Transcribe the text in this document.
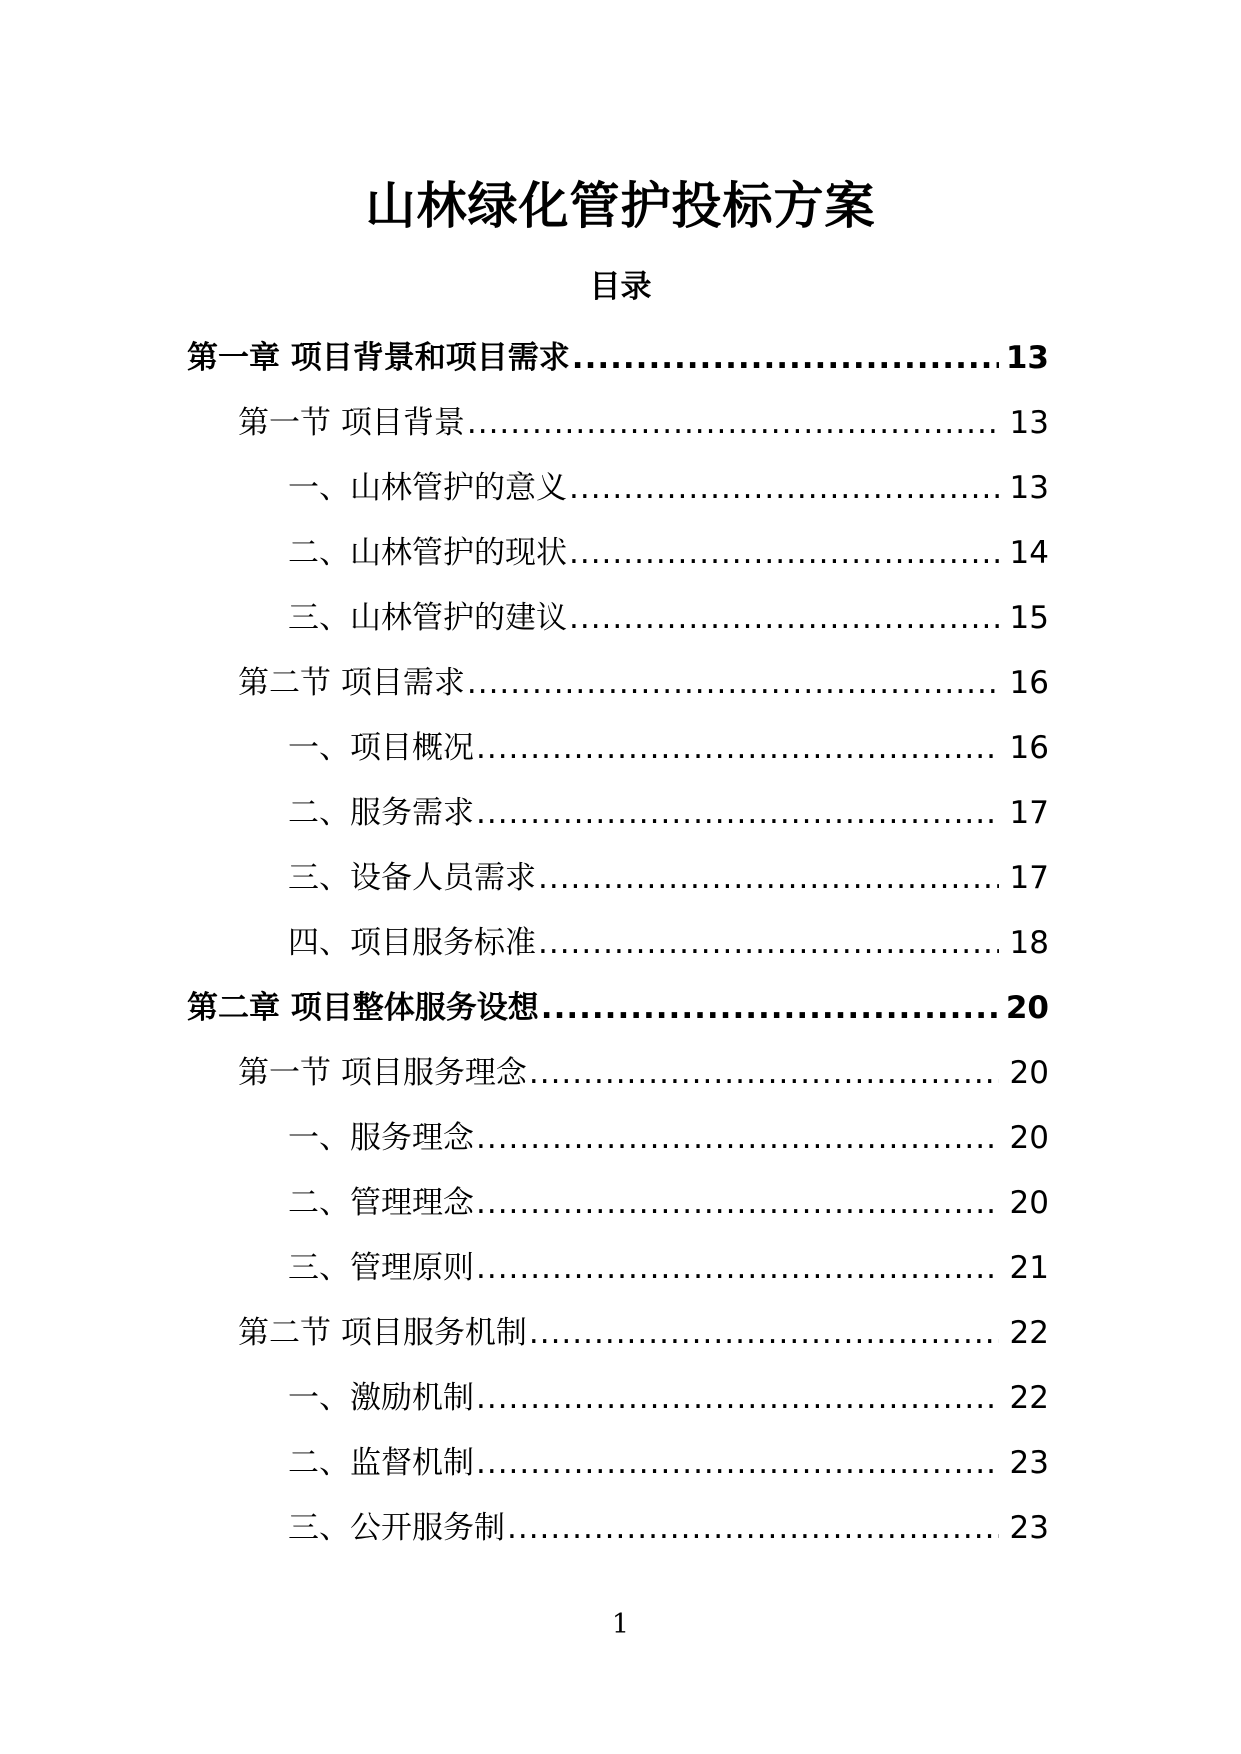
山林绿化管护投标方案
目录
第一章 项目背景和项目需求 .....	13
第一节 项目背景 .....	13
一、山林管护的意义 .....	13
二、山林管护的现状 .....	14
三、山林管护的建议 .....	15
第二节 项目需求 .....	16
一、项目概况 .....	16
二、服务需求 .....	17
三、设备人员需求 .....	17
四、项目服务标准 .....	18
第二章 项目整体服务设想 .....	20
第一节 项目服务理念 .....	20
一、服务理念 .....	20
二、管理理念 .....	20
三、管理原则 .....	21
第二节 项目服务机制 .....	22
一、激励机制 .....	22
二、监督机制 .....	23
三、公开服务制 .....	23
1
